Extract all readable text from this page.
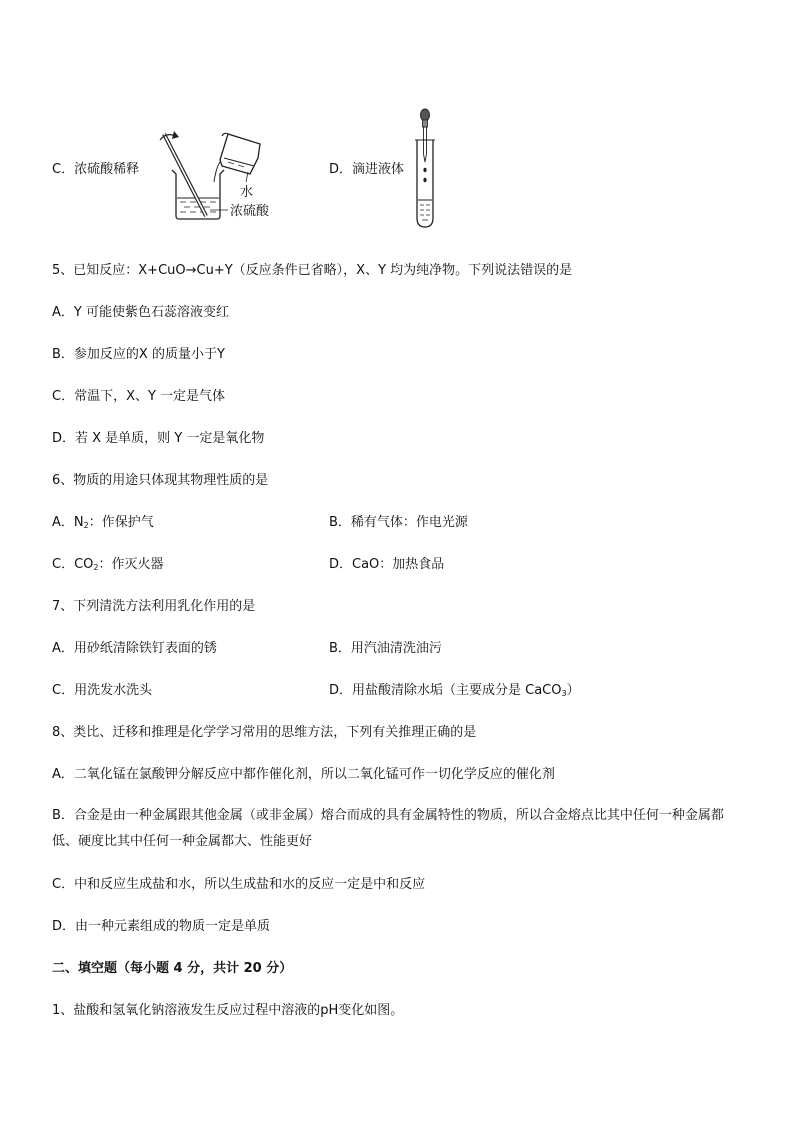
C．浓硫酸稀释
水
浓硫酸
D．滴进液体
5、已知反应：X+CuO→Cu+Y（反应条件已省略），X、Y 均为纯净物。下列说法错误的是
A．Y 可能使紫色石蕊溶液变红
B．参加反应的X 的质量小于Y
C．常温下，X、Y 一定是气体
D．若 X 是单质，则 Y 一定是氧化物
6、物质的用途只体现其物理性质的是
A．$N_2$：作保护气	B．稀有气体：作电光源
C．$CO_2$：作灭火器	D．CaO：加热食品
7、下列清洗方法利用乳化作用的是
A．用砂纸清除铁钉表面的锈	B．用汽油清洗油污
C．用洗发水洗头	D．用盐酸清除水垢（主要成分是 CaCO$_3$）
8、类比、迁移和推理是化学学习常用的思维方法，下列有关推理正确的是
A．二氧化锰在氯酸钾分解反应中都作催化剂，所以二氧化锰可作一切化学反应的催化剂
B．合金是由一种金属跟其他金属（或非金属）熔合而成的具有金属特性的物质，所以合金熔点比其中任何一种金属都低、硬度比其中任何一种金属都大、性能更好
C．中和反应生成盐和水，所以生成盐和水的反应一定是中和反应
D．由一种元素组成的物质一定是单质
二、填空题（每小题 4 分，共计 20 分）
1、盐酸和氢氧化钠溶液发生反应过程中溶液的pH变化如图。
